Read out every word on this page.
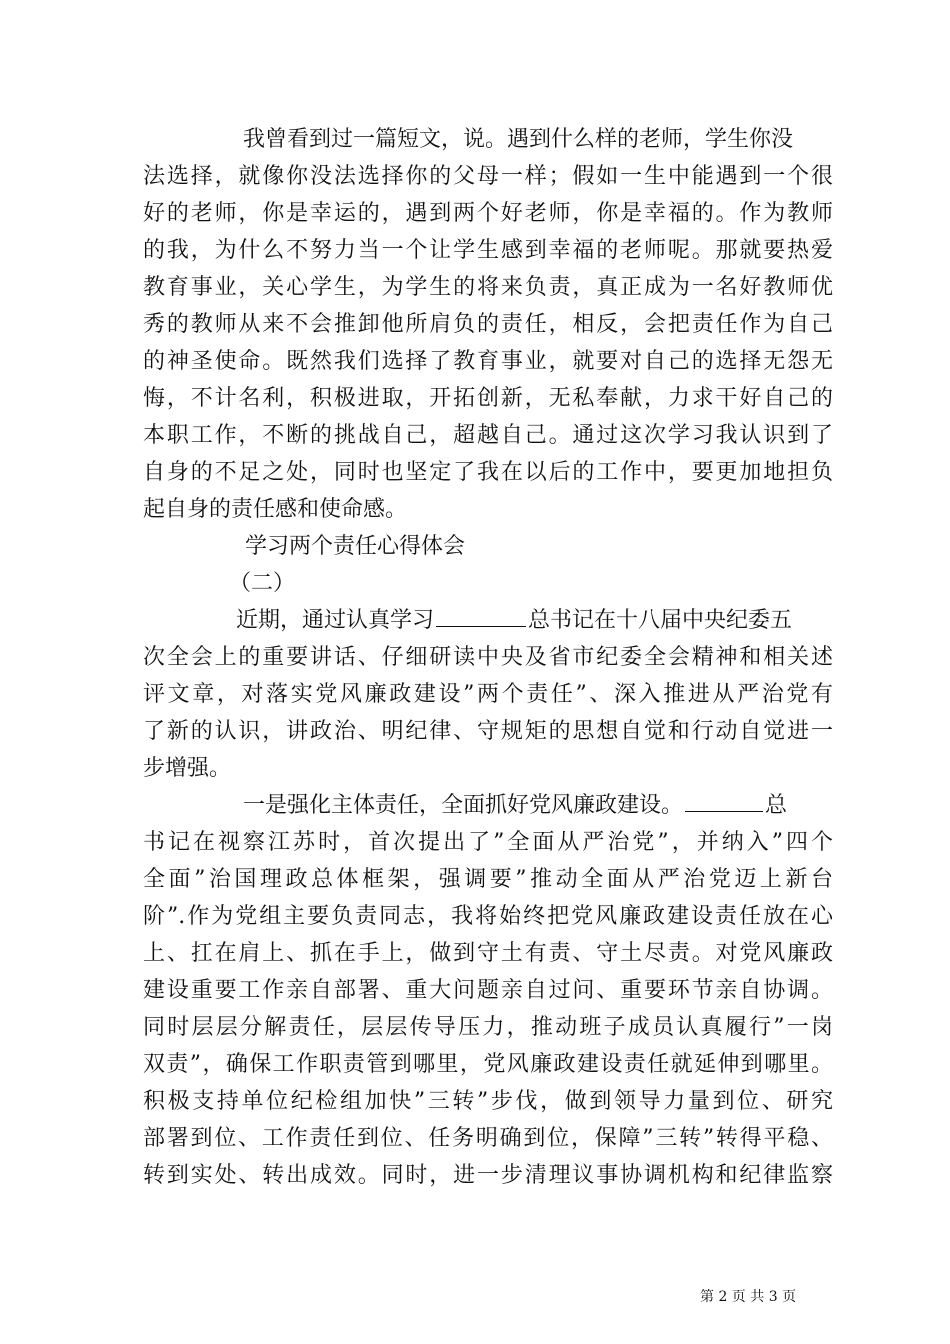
我曾看到过一篇短文，说。遇到什么样的老师，学生你没
法选择，就像你没法选择你的父母一样；假如一生中能遇到一个很
好的老师，你是幸运的，遇到两个好老师，你是幸福的。作为教师
的我，为什么不努力当一个让学生感到幸福的老师呢。那就要热爱
教育事业，关心学生，为学生的将来负责，真正成为一名好教师优
秀的教师从来不会推卸他所肩负的责任，相反，会把责任作为自己
的神圣使命。既然我们选择了教育事业，就要对自己的选择无怨无
悔，不计名利，积极进取，开拓创新，无私奉献，力求干好自己的
本职工作，不断的挑战自己，超越自己。通过这次学习我认识到了
自身的不足之处，同时也坚定了我在以后的工作中，要更加地担负
起自身的责任感和使命感。
学习两个责任心得体会
（二）
近期，通过认真学习	总书记在十八届中央纪委五
次全会上的重要讲话、仔细研读中央及省市纪委全会精神和相关述
评文章，对落实党风廉政建设”两个责任”、深入推进从严治党有
了新的认识，讲政治、明纪律、守规矩的思想自觉和行动自觉进一
步增强。
一是强化主体责任，全面抓好党风廉政建设。	总
书记在视察江苏时，首次提出了”全面从严治党”，并纳入”四个
全面”治国理政总体框架，强调要”推动全面从严治党迈上新台
阶”.作为党组主要负责同志，我将始终把党风廉政建设责任放在心
上、扛在肩上、抓在手上，做到守土有责、守土尽责。对党风廉政
建设重要工作亲自部署、重大问题亲自过问、重要环节亲自协调。
同时层层分解责任，层层传导压力，推动班子成员认真履行”一岗
双责”，确保工作职责管到哪里，党风廉政建设责任就延伸到哪里。
积极支持单位纪检组加快”三转”步伐，做到领导力量到位、研究
部署到位、工作责任到位、任务明确到位，保障”三转”转得平稳、
转到实处、转出成效。同时，进一步清理议事协调机构和纪律监察
第 2 页 共 3 页
